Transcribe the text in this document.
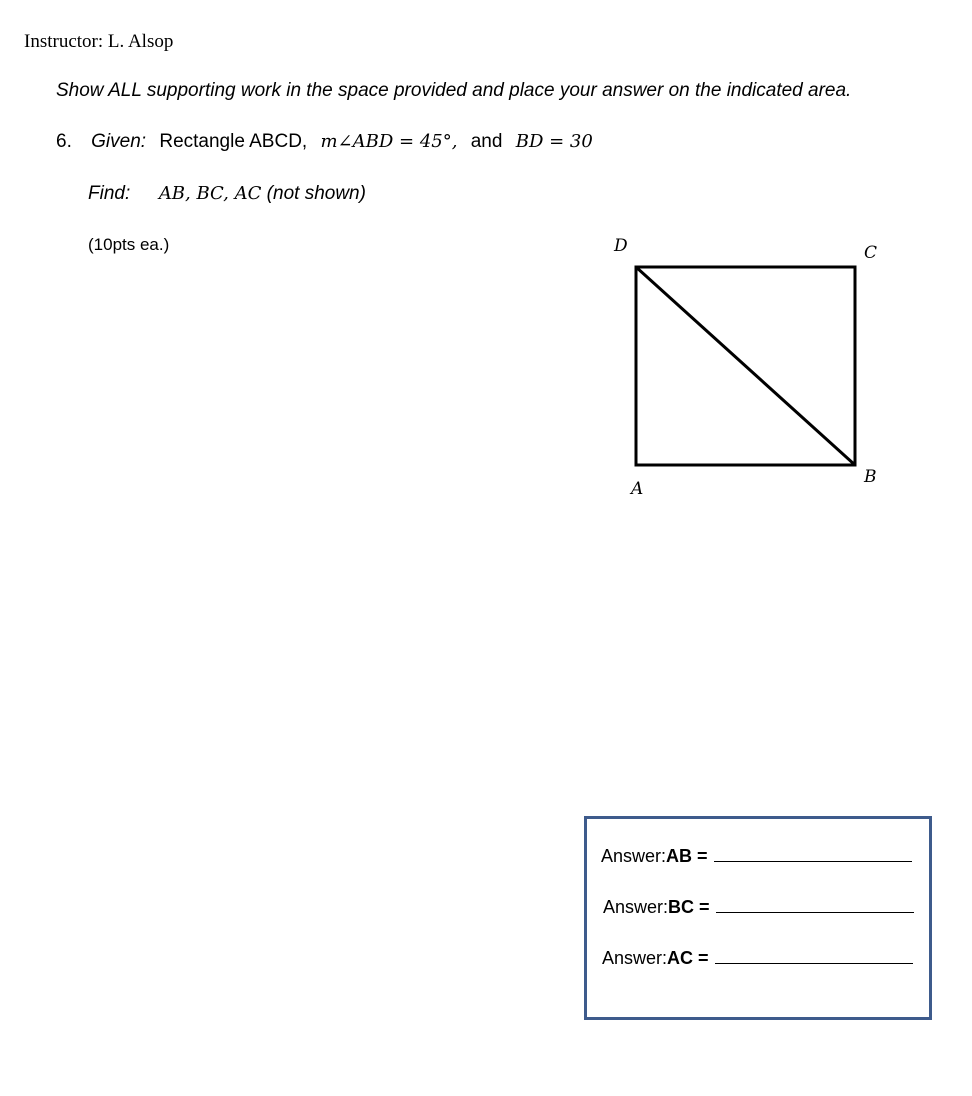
Instructor: L. Alsop
Show ALL supporting work in the space provided and place your answer on the indicated area.
6. Given: Rectangle ABCD, m∠ABD = 45°, and BD = 30
Find: AB, BC, AC (not shown)
(10pts ea.)	D	C
A
B
Answer: AB =
Answer: BC =
Answer: AC =
